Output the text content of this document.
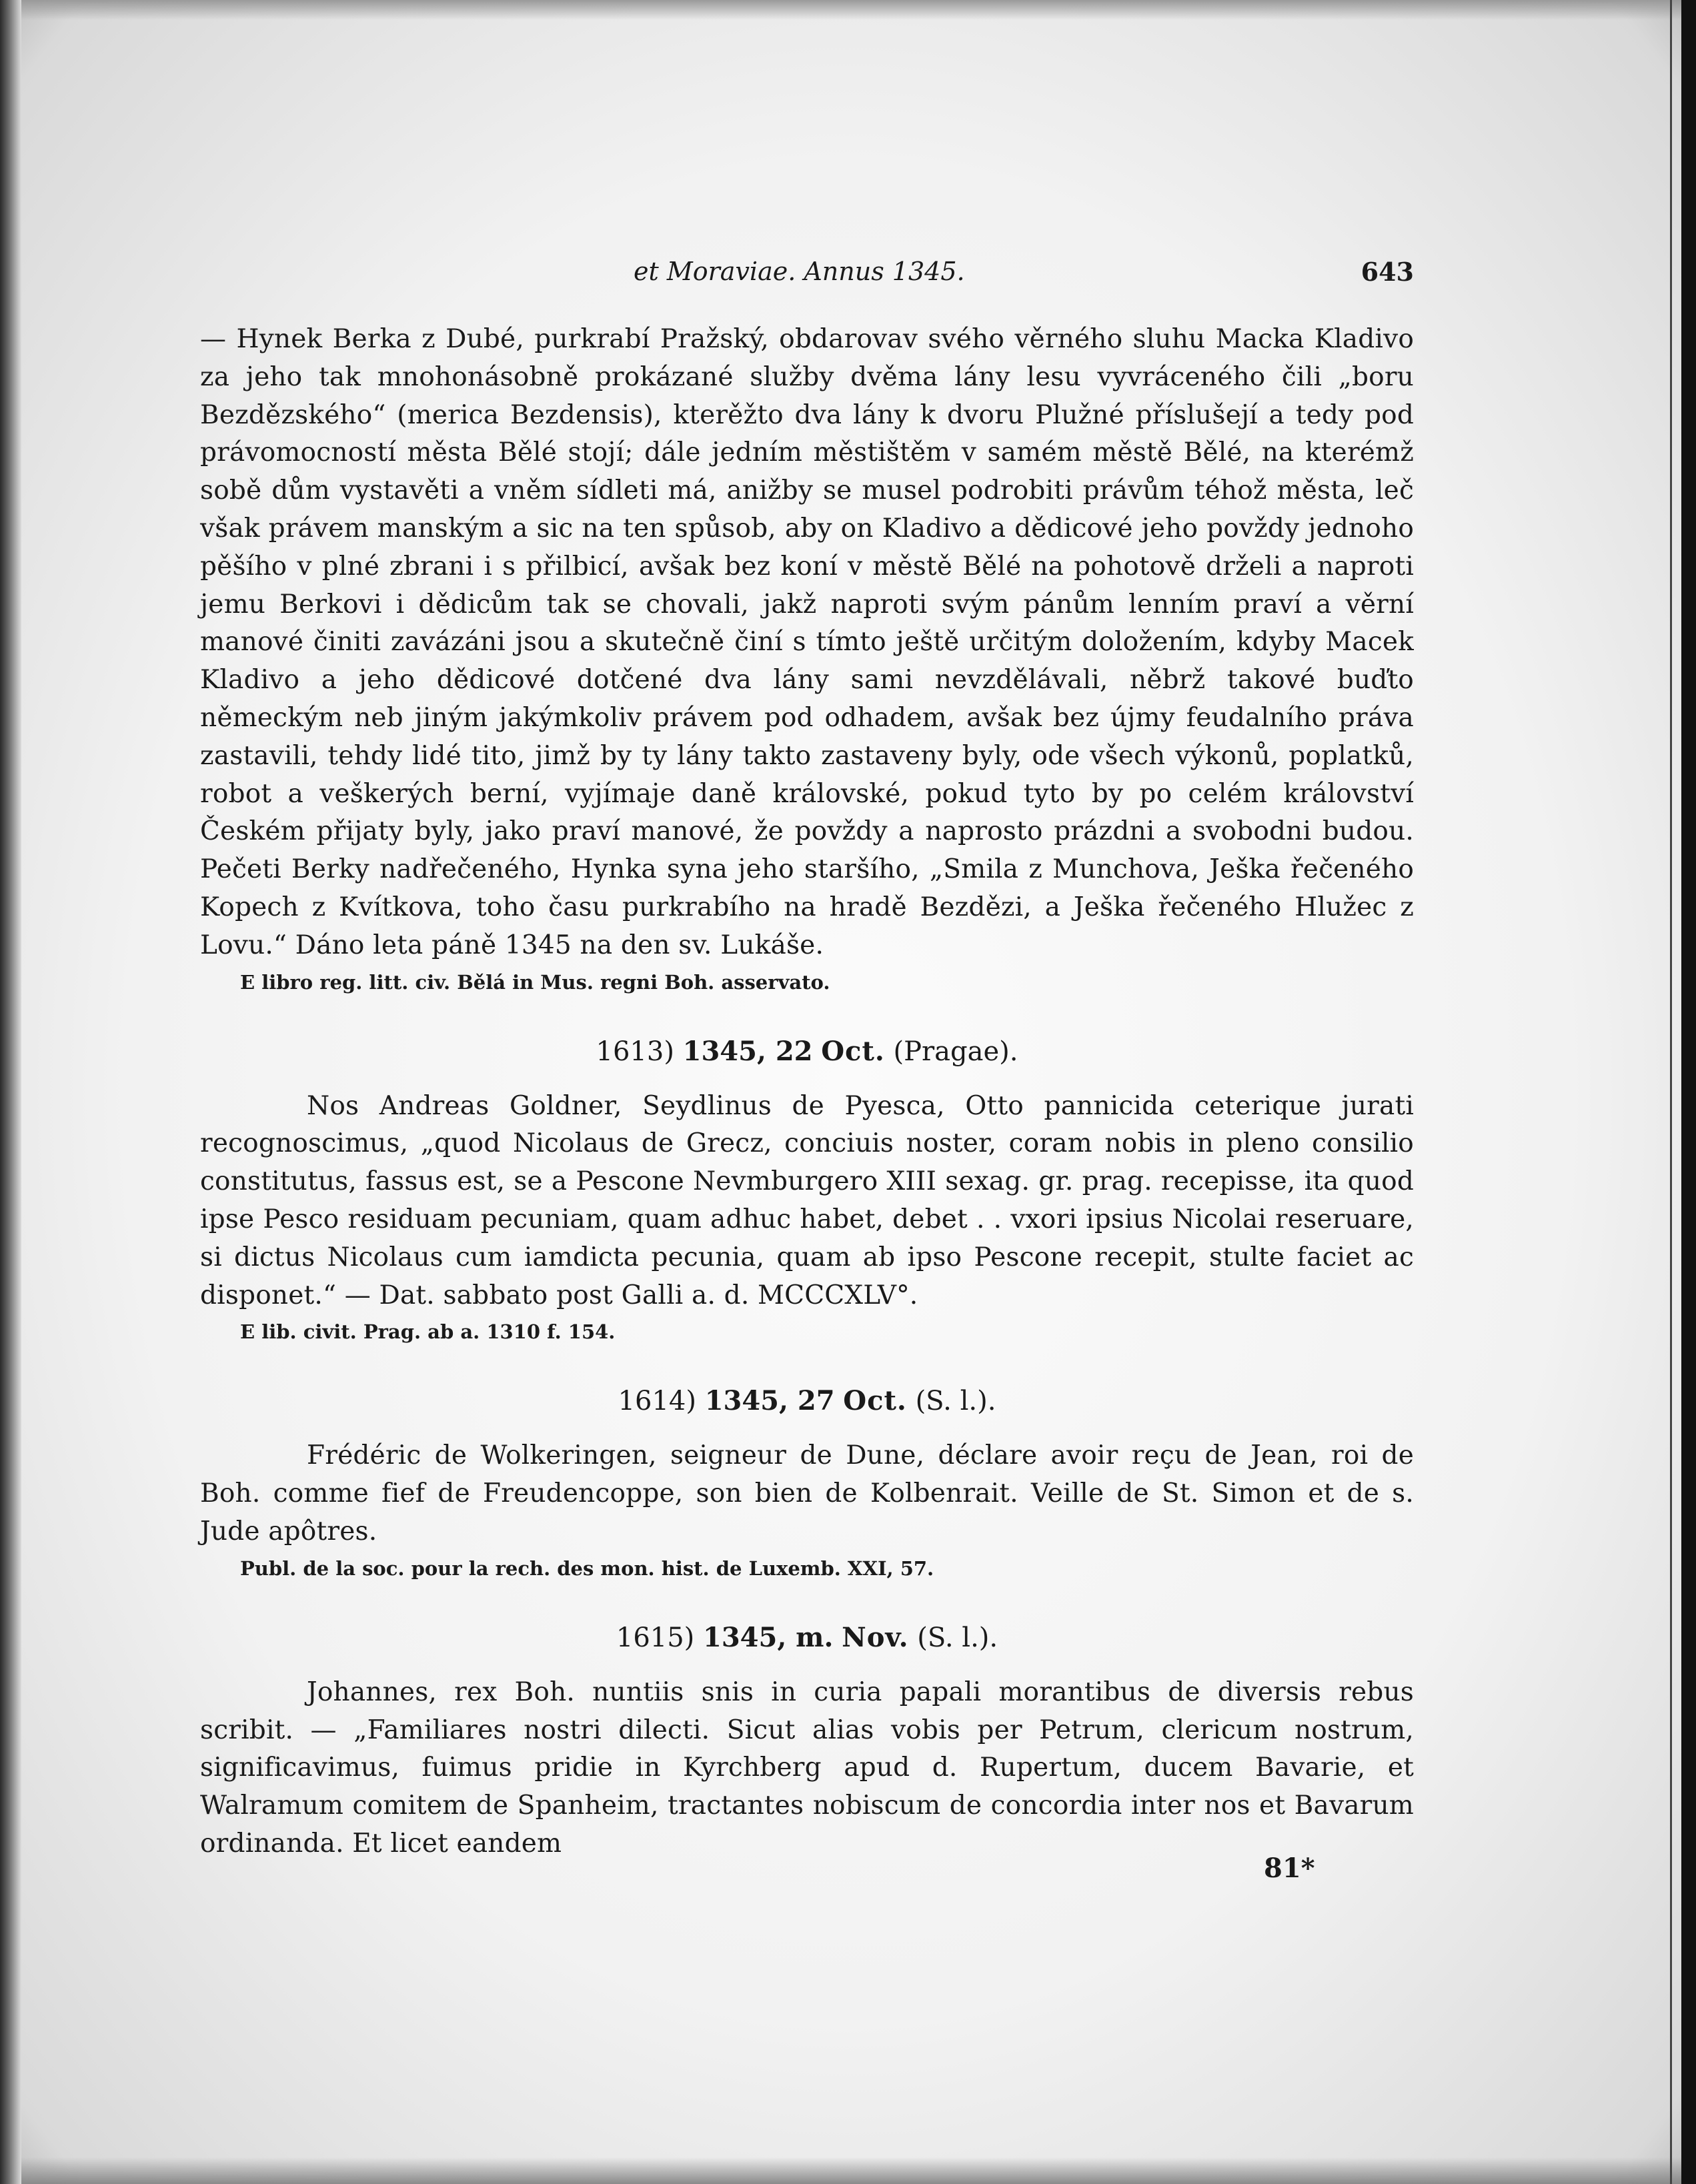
et Moraviae. Annus 1345.	643

— Hynek Berka z Dubé, purkrabí Pražský, obdarovav svého věrného sluhu Macka Kladivo za jeho tak mnohonásobně prokázané služby dvěma lány lesu vyvráceného čili „boru Bezdězského“ (merica Bezdensis), kterěžto dva lány k dvoru Plužné příslušejí a tedy pod právomocností města Bělé stojí; dále jedním městištěm v samém městě Bělé, na kterémž sobě dům vystavěti a vněm sídleti má, anižby se musel podrobiti právům téhož města, leč však právem manským a sic na ten spůsob, aby on Kladivo a dědicové jeho povždy jednoho pěšího v plné zbrani i s přilbicí, avšak bez koní v městě Bělé na pohotově drželi a naproti jemu Berkovi i dědicům tak se chovali, jakž naproti svým pánům lenním praví a věrní manové činiti zavázáni jsou a skutečně činí s tímto ještě určitým doložením, kdyby Macek Kladivo a jeho dědicové dotčené dva lány sami nevzdělávali, něbrž takové buďto německým neb jiným jakýmkoliv právem pod odhadem, avšak bez újmy feudalního práva zastavili, tehdy lidé tito, jimž by ty lány takto zastaveny byly, ode všech výkonů, poplatků, robot a veškerých berní, vyjímaje daně královské, pokud tyto by po celém království Českém přijaty byly, jako praví manové, že povždy a naprosto prázdni a svobodni budou. Pečeti Berky nadřečeného, Hynka syna jeho staršího, „Smila z Munchova, Ješka řečeného Kopech z Kvítkova, toho času purkrabího na hradě Bezdězi, a Ješka řečeného Hlužec z Lovu.“ Dáno leta páně 1345 na den sv. Lukáše.

E libro reg. litt. civ. Bělá in Mus. regni Boh. asservato.
1613) 1345, 22 Oct. (Pragae).

Nos Andreas Goldner, Seydlinus de Pyesca, Otto pannicida ceterique jurati recognoscimus, „quod Nicolaus de Grecz, conciuis noster, coram nobis in pleno consilio constitutus, fassus est, se a Pescone Nevmburgero XIII sexag. gr. prag. recepisse, ita quod ipse Pesco residuam pecuniam, quam adhuc habet, debet . . vxori ipsius Nicolai reseruare, si dictus Nicolaus cum iamdicta pecunia, quam ab ipso Pescone recepit, stulte faciet ac disponet.“ — Dat. sabbato post Galli a. d. MCCCXLV°.

E lib. civit. Prag. ab a. 1310 f. 154.
1614) 1345, 27 Oct. (S. l.).

Frédéric de Wolkeringen, seigneur de Dune, déclare avoir reçu de Jean, roi de Boh. comme fief de Freudencoppe, son bien de Kolbenrait. Veille de St. Simon et de s. Jude apôtres.

Publ. de la soc. pour la rech. des mon. hist. de Luxemb. XXI, 57.
1615) 1345, m. Nov. (S. l.).

Johannes, rex Boh. nuntiis snis in curia papali morantibus de diversis rebus scribit. — „Familiares nostri dilecti. Sicut alias vobis per Petrum, clericum nostrum, significavimus, fuimus pridie in Kyrchberg apud d. Rupertum, ducem Bavarie, et Walramum comitem de Spanheim, tractantes nobiscum de concordia inter nos et Bavarum ordinanda. Et licet eandem

81*
